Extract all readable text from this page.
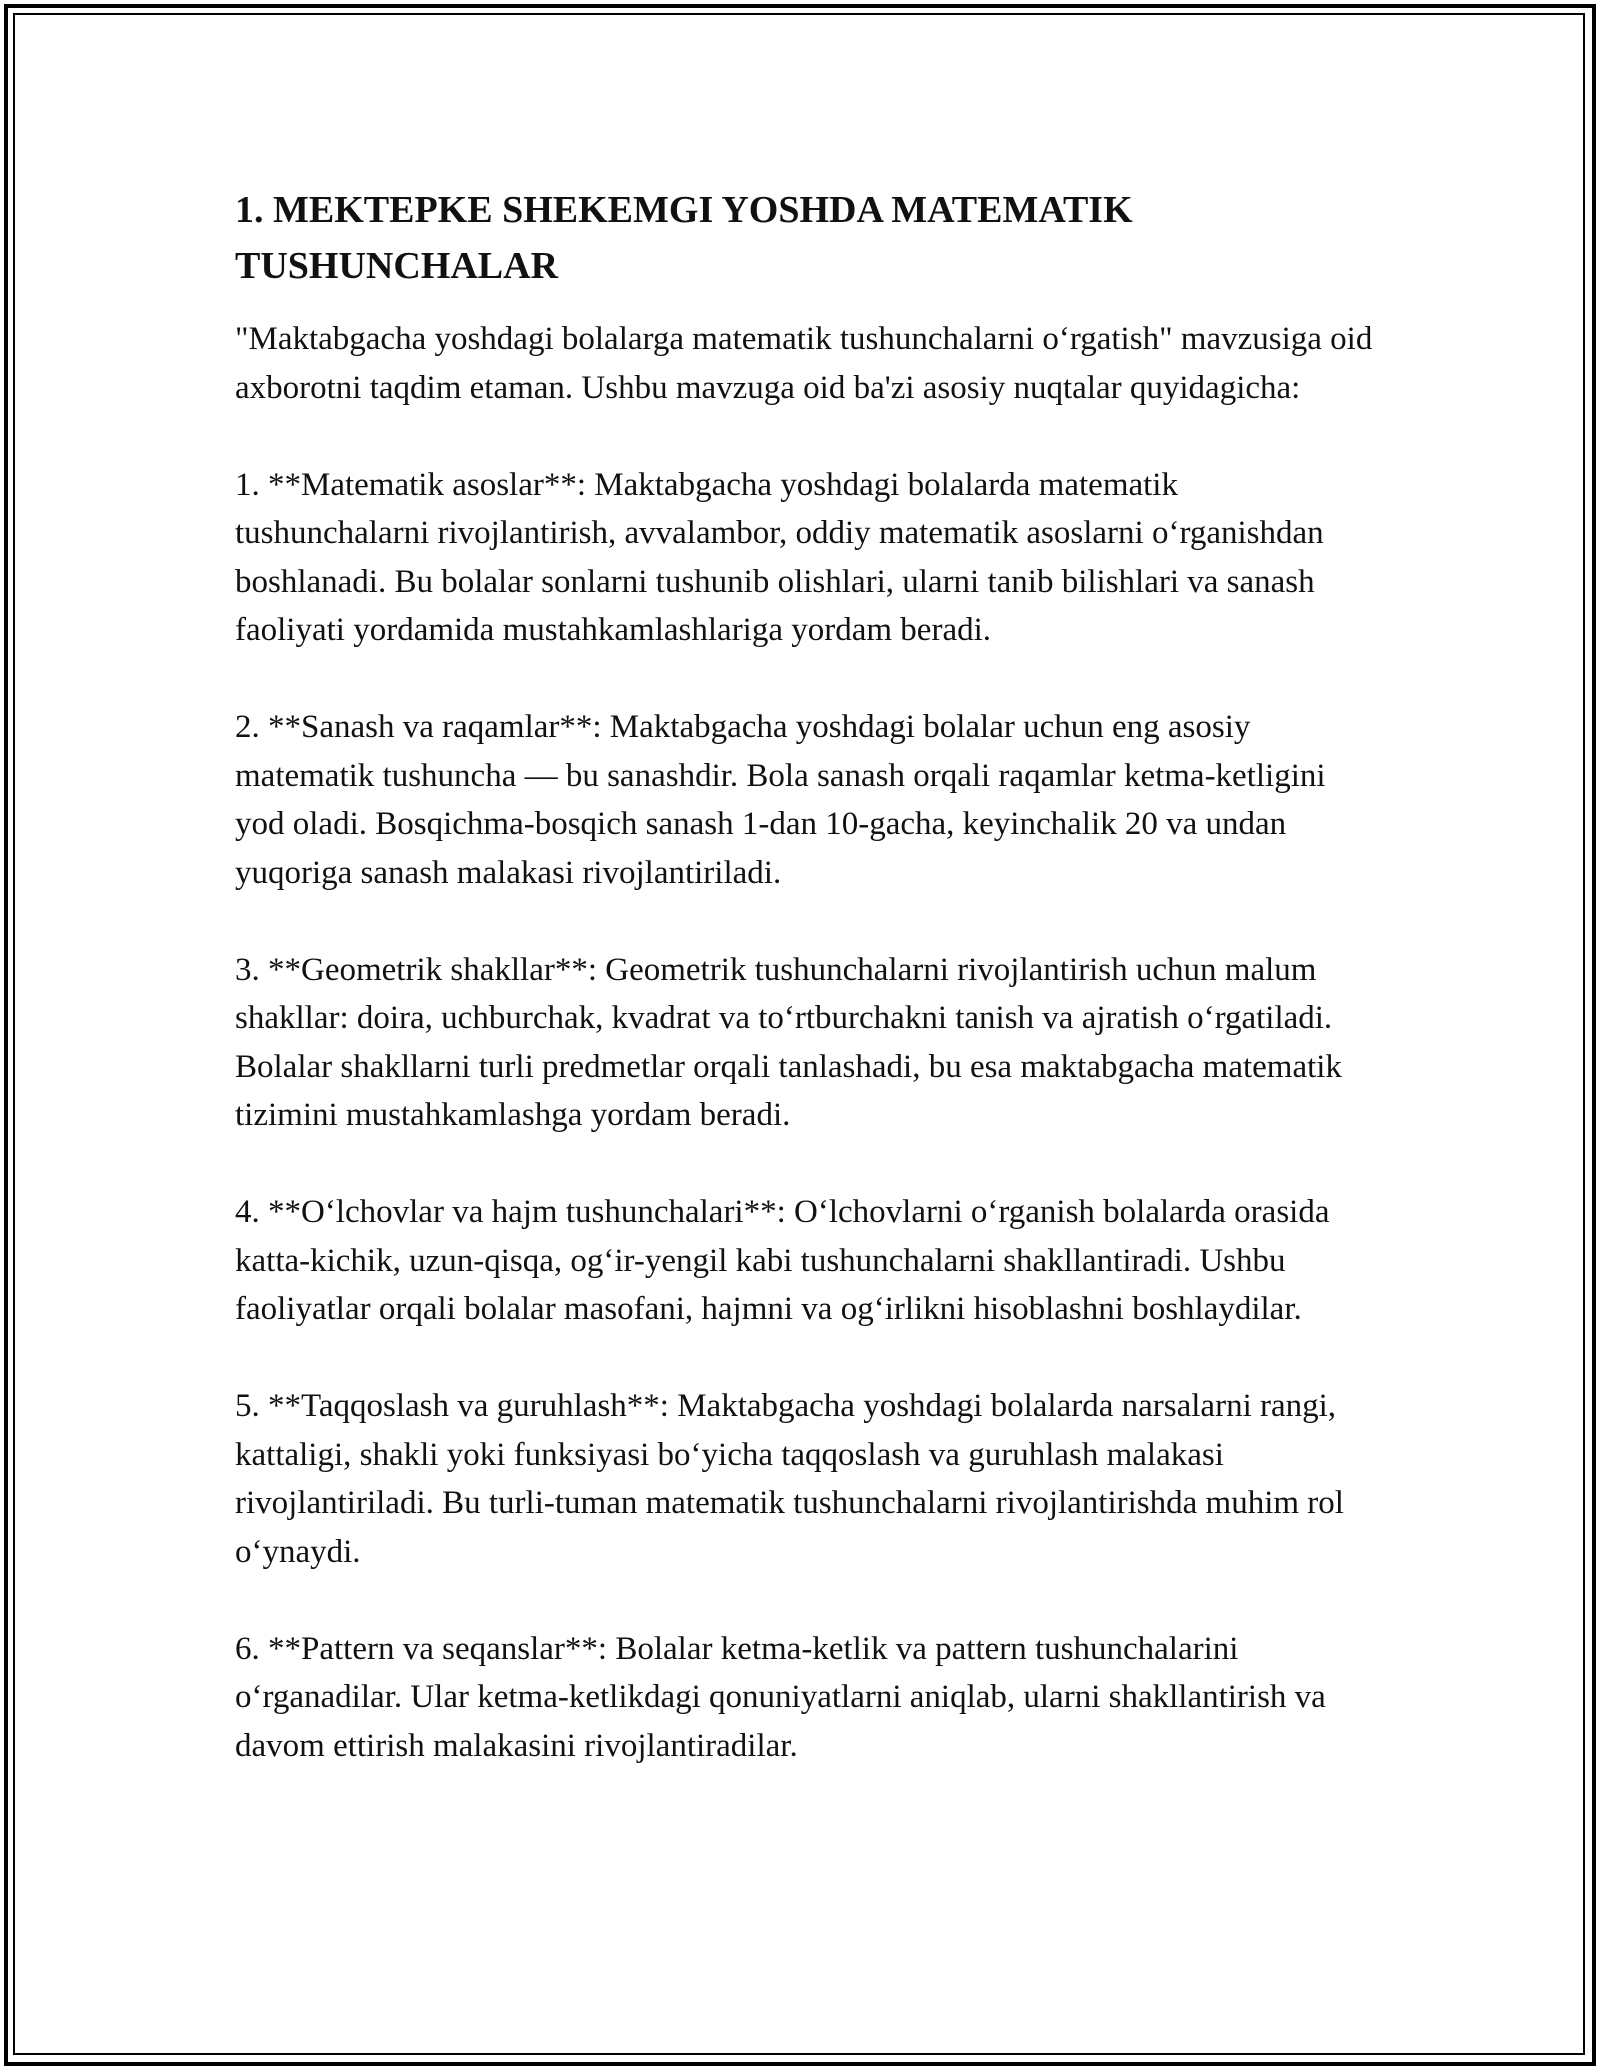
1. MEKTEPKE SHEKEMGI YOSHDA MATEMATIK
TUSHUNCHALAR

"Maktabgacha yoshdagi bolalarga matematik tushunchalarni o‘rgatish" mavzusiga oid axborotni taqdim etaman. Ushbu mavzuga oid ba'zi asosiy nuqtalar quyidagicha:

1. **Matematik asoslar**: Maktabgacha yoshdagi bolalarda matematik tushunchalarni rivojlantirish, avvalambor, oddiy matematik asoslarni o‘rganishdan boshlanadi. Bu bolalar sonlarni tushunib olishlari, ularni tanib bilishlari va sanash faoliyati yordamida mustahkamlashlariga yordam beradi.

2. **Sanash va raqamlar**: Maktabgacha yoshdagi bolalar uchun eng asosiy matematik tushuncha — bu sanashdir. Bola sanash orqali raqamlar ketma-ketligini yod oladi. Bosqichma-bosqich sanash 1-dan 10-gacha, keyinchalik 20 va undan yuqoriga sanash malakasi rivojlantiriladi.

3. **Geometrik shakllar**: Geometrik tushunchalarni rivojlantirish uchun malum shakllar: doira, uchburchak, kvadrat va to‘rtburchakni tanish va ajratish o‘rgatiladi. Bolalar shakllarni turli predmetlar orqali tanlashadi, bu esa maktabgacha matematik tizimini mustahkamlashga yordam beradi.

4. **O‘lchovlar va hajm tushunchalari**: O‘lchovlarni o‘rganish bolalarda orasida katta-kichik, uzun-qisqa, og‘ir-yengil kabi tushunchalarni shakllantiradi. Ushbu faoliyatlar orqali bolalar masofani, hajmni va og‘irlikni hisoblashni boshlaydilar.

5. **Taqqoslash va guruhlash**: Maktabgacha yoshdagi bolalarda narsalarni rangi, kattaligi, shakli yoki funksiyasi bo‘yicha taqqoslash va guruhlash malakasi rivojlantiriladi. Bu turli-tuman matematik tushunchalarni rivojlantirishda muhim rol o‘ynaydi.

6. **Pattern va seqanslar**: Bolalar ketma-ketlik va pattern tushunchalarini o‘rganadilar. Ular ketma-ketlikdagi qonuniyatlarni aniqlab, ularni shakllantirish va davom ettirish malakasini rivojlantiradilar.
